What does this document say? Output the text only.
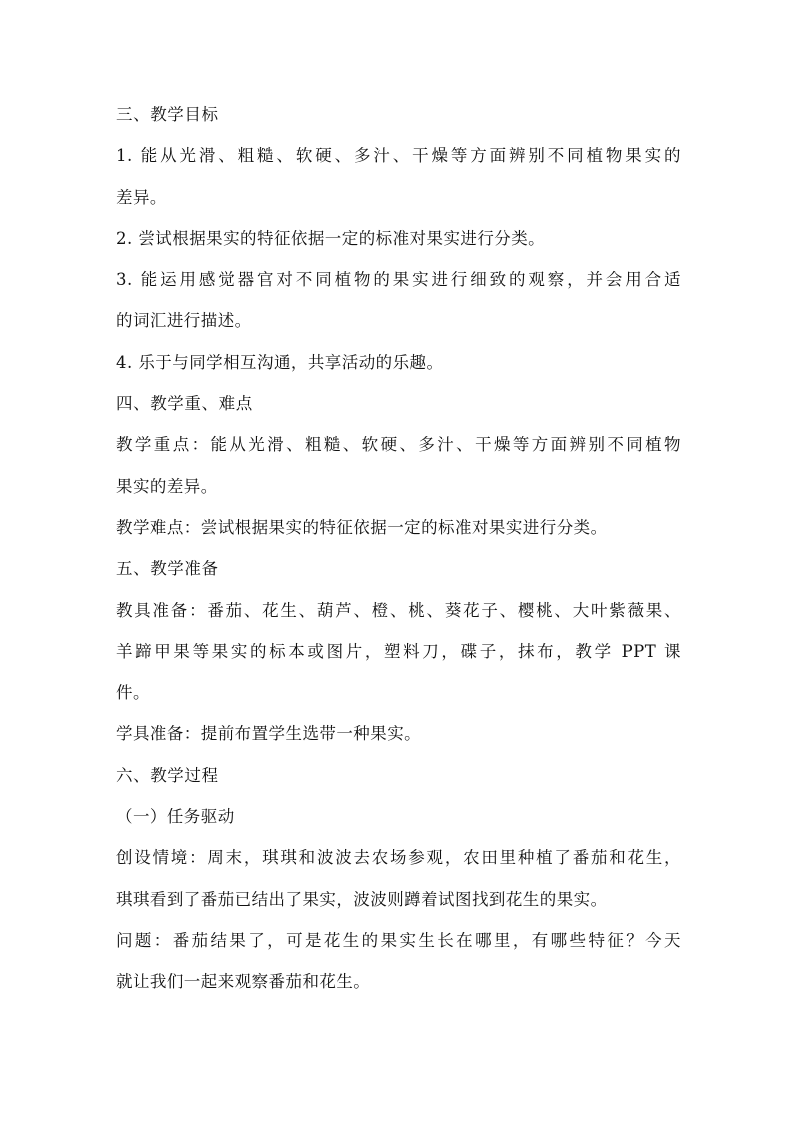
三、教学目标
1. 能从光滑、粗糙、软硬、多汁、干燥等方面辨别不同植物果实的
差异。
2. 尝试根据果实的特征依据一定的标准对果实进行分类。
3. 能运用感觉器官对不同植物的果实进行细致的观察，并会用合适
的词汇进行描述。
4. 乐于与同学相互沟通，共享活动的乐趣。
四、教学重、难点
教学重点：能从光滑、粗糙、软硬、多汁、干燥等方面辨别不同植物
果实的差异。
教学难点：尝试根据果实的特征依据一定的标准对果实进行分类。
五、教学准备
教具准备：番茄、花生、葫芦、橙、桃、葵花子、樱桃、大叶紫薇果、
羊蹄甲果等果实的标本或图片，塑料刀，碟子，抹布，教学 PPT 课
件。
学具准备：提前布置学生选带一种果实。
六、教学过程
（一）任务驱动
创设情境：周末，琪琪和波波去农场参观，农田里种植了番茄和花生，
琪琪看到了番茄已结出了果实，波波则蹲着试图找到花生的果实。
问题：番茄结果了，可是花生的果实生长在哪里，有哪些特征？今天
就让我们一起来观察番茄和花生。
